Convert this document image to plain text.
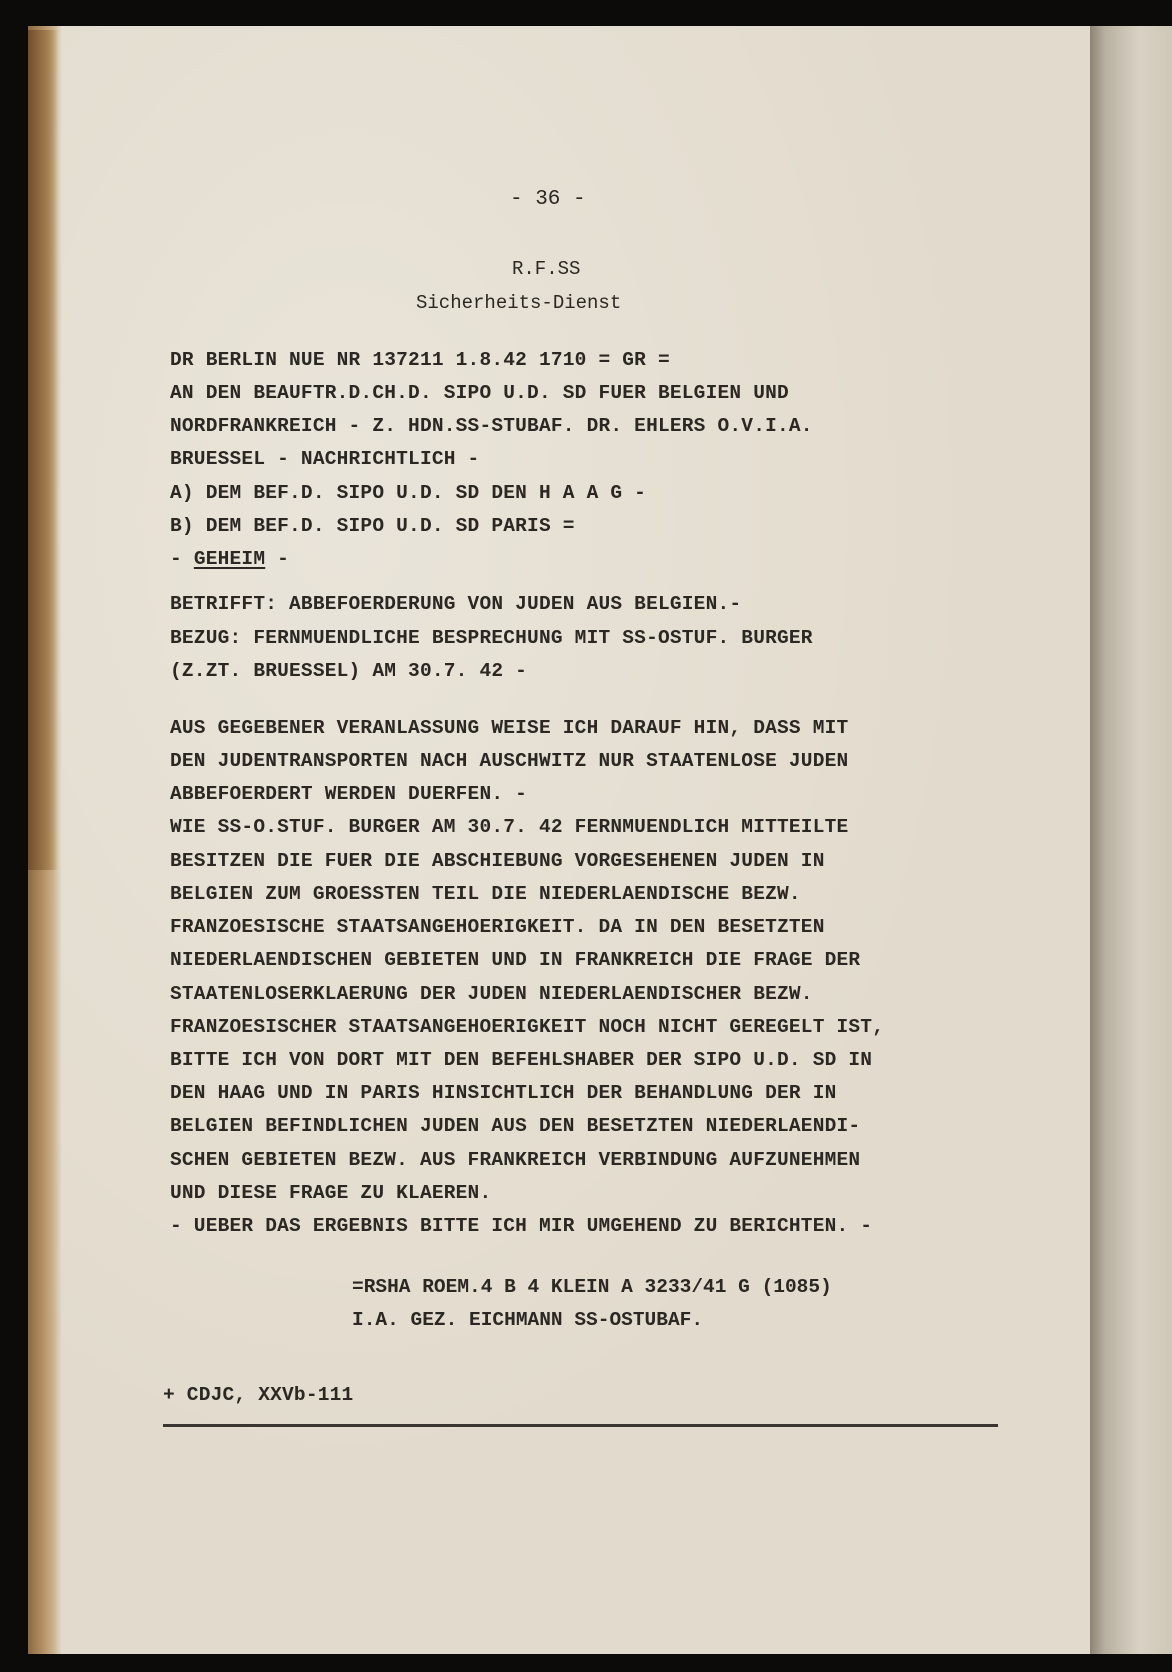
- 36 -
R.F.SS
Sicherheits-Dienst
DR BERLIN NUE NR 137211 1.8.42 1710 = GR =
AN DEN BEAUFTR.D.CH.D. SIPO U.D. SD FUER BELGIEN UND
NORDFRANKREICH - Z. HDN.SS-STUBAF. DR. EHLERS O.V.I.A.
BRUESSEL - NACHRICHTLICH -
A) DEM BEF.D. SIPO U.D. SD DEN H A A G -
B) DEM BEF.D. SIPO U.D. SD PARIS =
- GEHEIM -
BETRIFFT: ABBEFOERDERUNG VON JUDEN AUS BELGIEN.-
BEZUG: FERNMUENDLICHE BESPRECHUNG MIT SS-OSTUF. BURGER
(Z.ZT. BRUESSEL) AM 30.7. 42 -
AUS GEGEBENER VERANLASSUNG WEISE ICH DARAUF HIN, DASS MIT
DEN JUDENTRANSPORTEN NACH AUSCHWITZ NUR STAATENLOSE JUDEN
ABBEFOERDERT WERDEN DUERFEN. -
WIE SS-O.STUF. BURGER AM 30.7. 42 FERNMUENDLICH MITTEILTE
BESITZEN DIE FUER DIE ABSCHIEBUNG VORGESEHENEN JUDEN IN
BELGIEN ZUM GROESSTEN TEIL DIE NIEDERLAENDISCHE BEZW.
FRANZOESISCHE STAATSANGEHOERIGKEIT. DA IN DEN BESETZTEN
NIEDERLAENDISCHEN GEBIETEN UND IN FRANKREICH DIE FRAGE DER
STAATENLOSERKLAERUNG DER JUDEN NIEDERLAENDISCHER BEZW.
FRANZOESISCHER STAATSANGEHOERIGKEIT NOCH NICHT GEREGELT IST,
BITTE ICH VON DORT MIT DEN BEFEHLSHABER DER SIPO U.D. SD IN
DEN HAAG UND IN PARIS HINSICHTLICH DER BEHANDLUNG DER IN
BELGIEN BEFINDLICHEN JUDEN AUS DEN BESETZTEN NIEDERLAENDI-
SCHEN GEBIETEN BEZW. AUS FRANKREICH VERBINDUNG AUFZUNEHMEN
UND DIESE FRAGE ZU KLAEREN.
- UEBER DAS ERGEBNIS BITTE ICH MIR UMGEHEND ZU BERICHTEN. -
=RSHA ROEM.4 B 4 KLEIN A 3233/41 G (1085)
I.A. GEZ. EICHMANN SS-OSTUBAF.
+ CDJC, XXVb-111
